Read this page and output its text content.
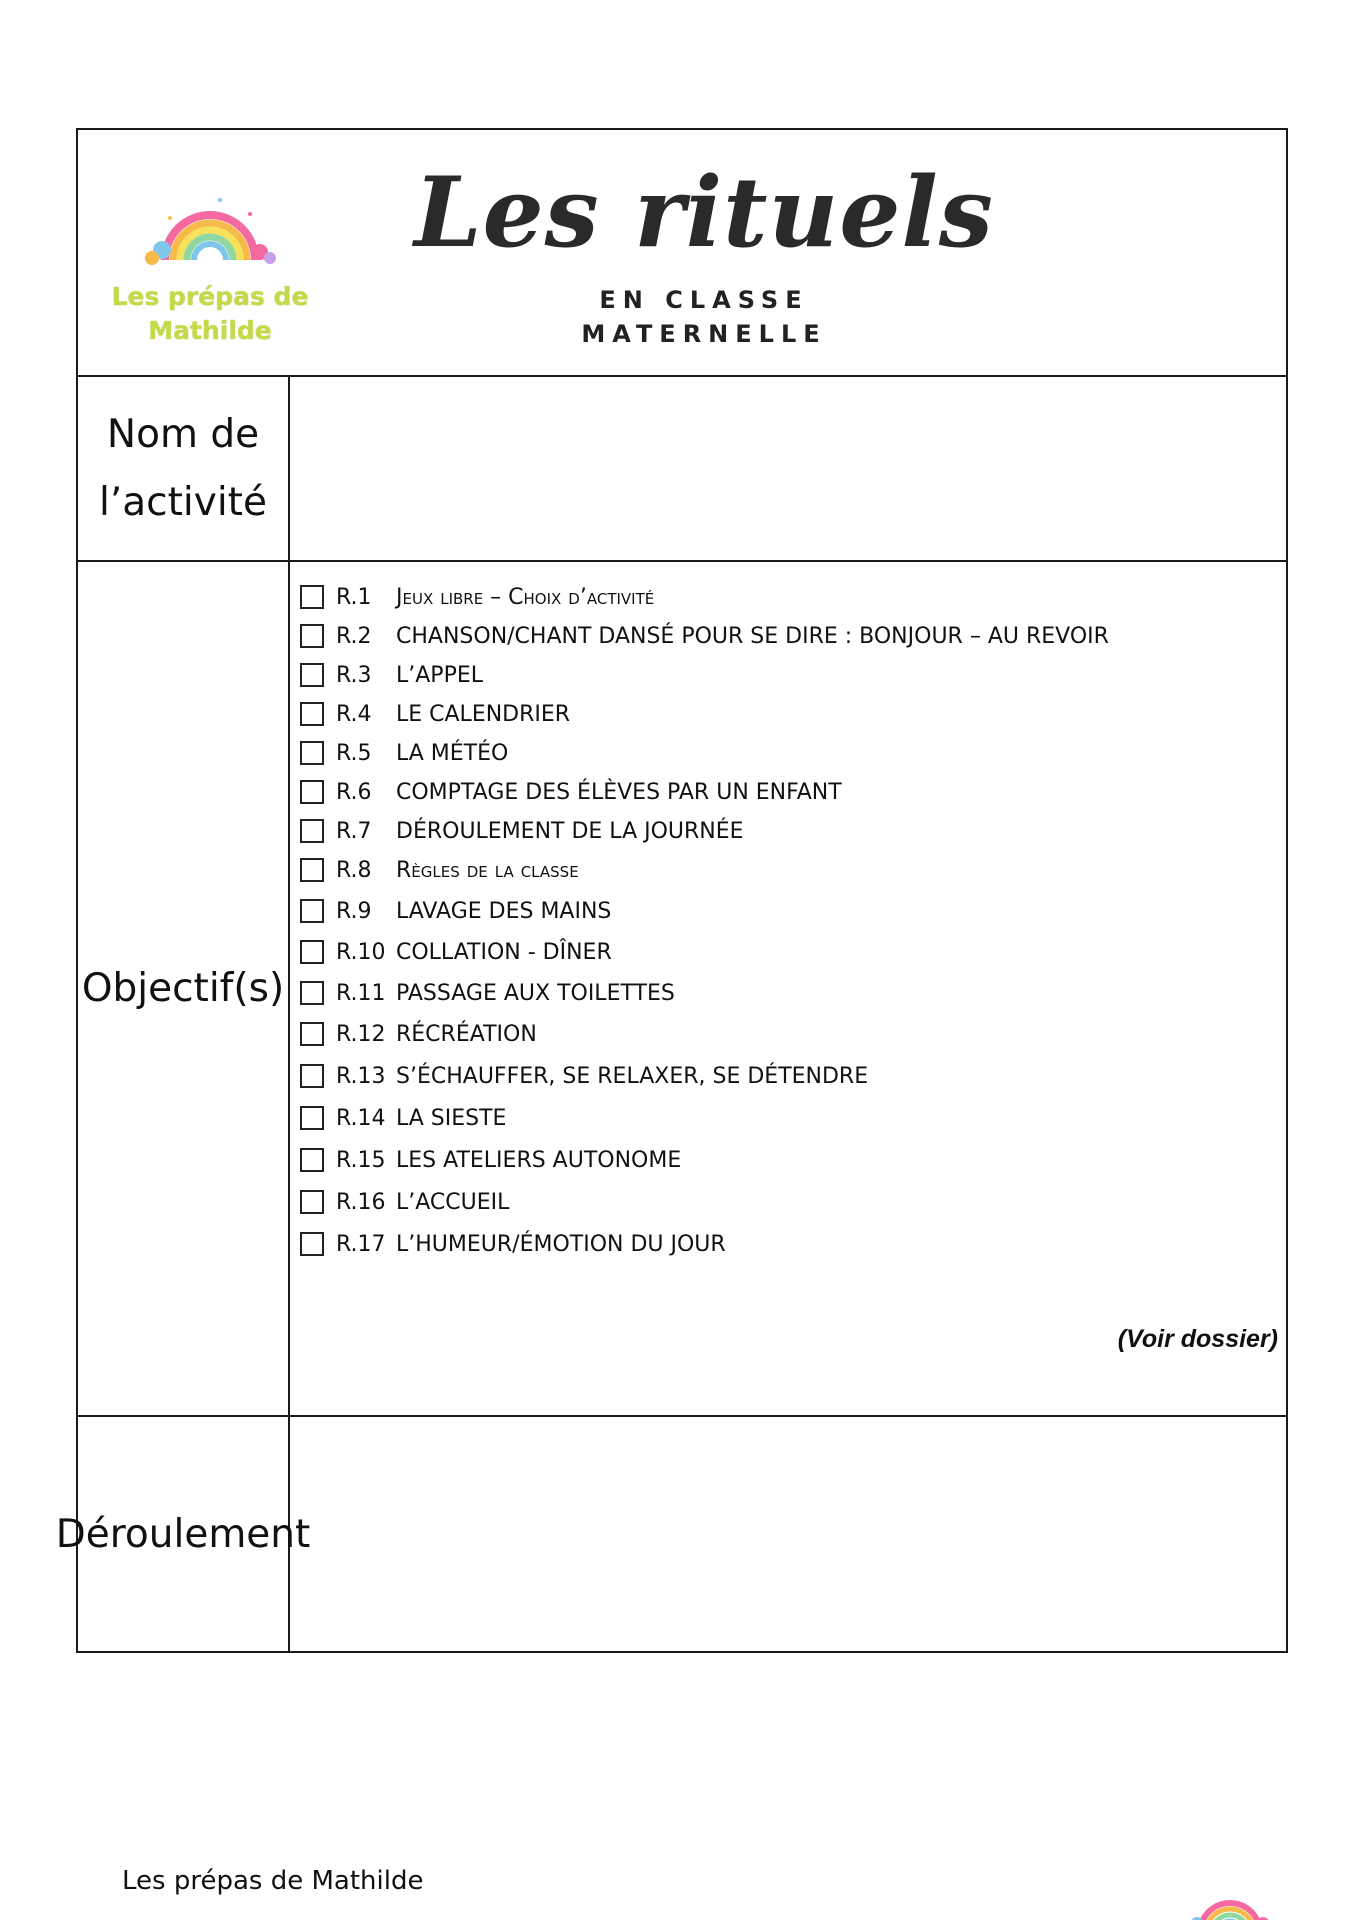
Les prépas de
Mathilde
Les rituels
EN CLASSE
MATERNELLE
Nom de
l’activité
Objectif(s)
R.1	Jeux libre – Choix d’activité
R.2	CHANSON/CHANT DANSÉ POUR SE DIRE : BONJOUR – AU REVOIR
R.3	L’APPEL
R.4	LE CALENDRIER
R.5	LA MÉTÉO
R.6	COMPTAGE DES ÉLÈVES PAR UN ENFANT
R.7	DÉROULEMENT DE LA JOURNÉE
R.8	Règles de la classe
R.9	LAVAGE DES MAINS
R.10 COLLATION - DÎNER
R.11 PASSAGE AUX TOILETTES
R.12 RÉCRÉATION
R.13 S’ÉCHAUFFER, SE RELAXER, SE DÉTENDRE
R.14 LA SIESTE
R.15 LES ATELIERS AUTONOME
R.16 L’ACCUEIL
R.17 L’HUMEUR/ÉMOTION DU JOUR
(Voir dossier)
Déroulement
Les prépas de Mathilde
